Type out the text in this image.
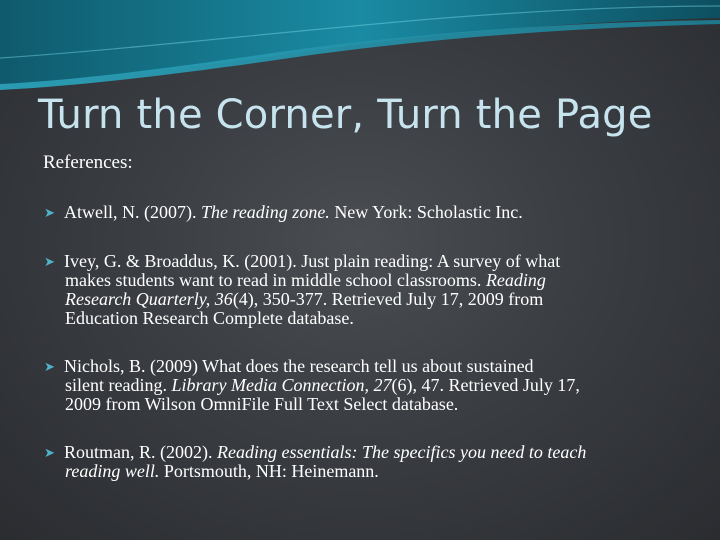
Turn the Corner, Turn the Page
References:
➤ Atwell, N. (2007). The reading zone. New York: Scholastic Inc.
➤ Ivey, G. & Broaddus, K. (2001). Just plain reading: A survey of what
makes students want to read in middle school classrooms. Reading
Research Quarterly, 36(4), 350-377. Retrieved July 17, 2009 from
Education Research Complete database.
➤ Nichols, B. (2009) What does the research tell us about sustained
silent reading. Library Media Connection, 27(6), 47. Retrieved July 17,
2009 from Wilson OmniFile Full Text Select database.
➤ Routman, R. (2002). Reading essentials: The specifics you need to teach
reading well. Portsmouth, NH: Heinemann.
